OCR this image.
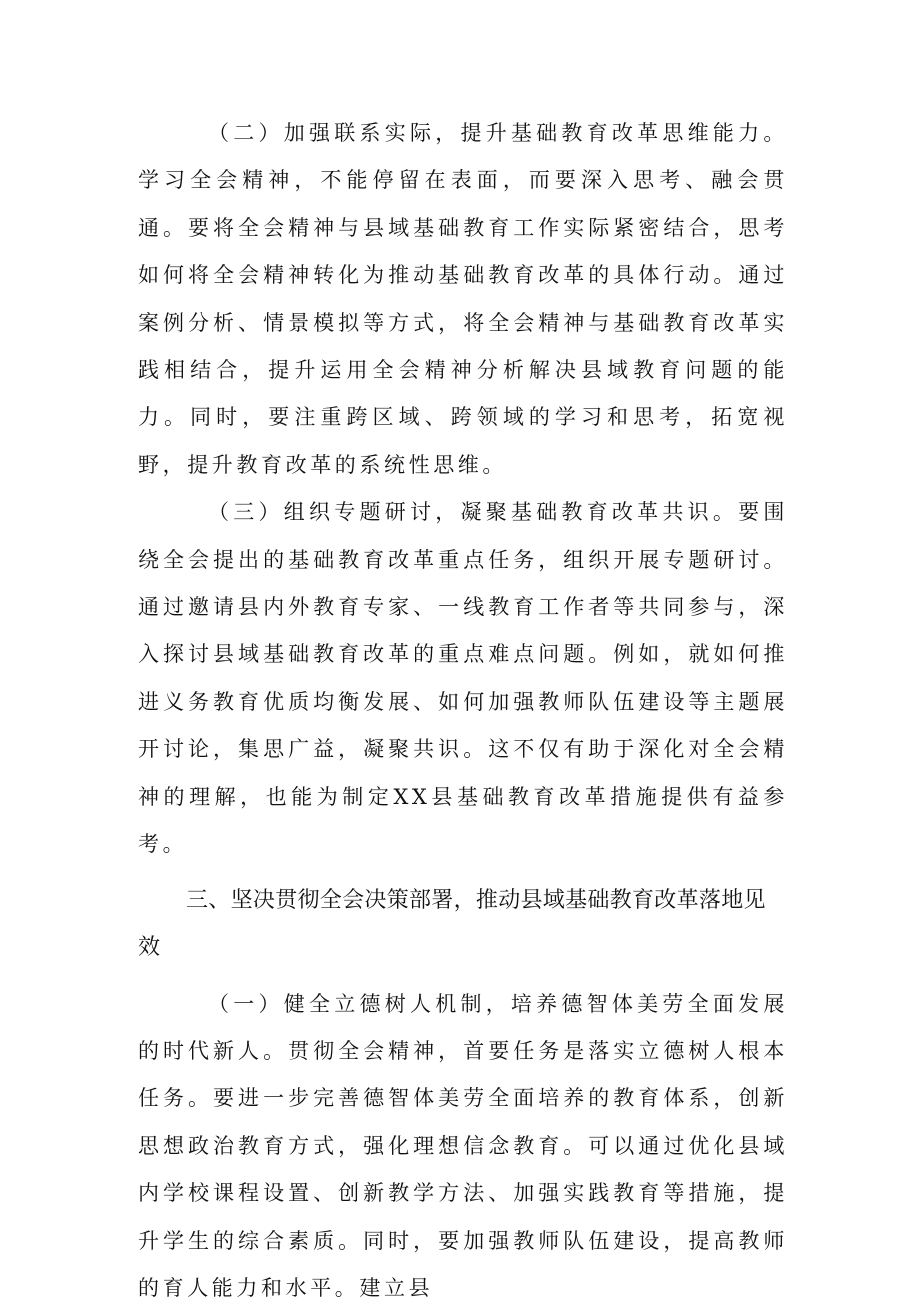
（二）加强联系实际，提升基础教育改革思维能力。学习全会精神，不能停留在表面，而要深入思考、融会贯通。要将全会精神与县域基础教育工作实际紧密结合，思考如何将全会精神转化为推动基础教育改革的具体行动。通过案例分析、情景模拟等方式，将全会精神与基础教育改革实践相结合，提升运用全会精神分析解决县域教育问题的能力。同时，要注重跨区域、跨领域的学习和思考，拓宽视野，提升教育改革的系统性思维。

（三）组织专题研讨，凝聚基础教育改革共识。要围绕全会提出的基础教育改革重点任务，组织开展专题研讨。通过邀请县内外教育专家、一线教育工作者等共同参与，深入探讨县域基础教育改革的重点难点问题。例如，就如何推进义务教育优质均衡发展、如何加强教师队伍建设等主题展开讨论，集思广益，凝聚共识。这不仅有助于深化对全会精神的理解，也能为制定XX县基础教育改革措施提供有益参考。

三、坚决贯彻全会决策部署，推动县域基础教育改革落地见效

（一）健全立德树人机制，培养德智体美劳全面发展的时代新人。贯彻全会精神，首要任务是落实立德树人根本任务。要进一步完善德智体美劳全面培养的教育体系，创新思想政治教育方式，强化理想信念教育。可以通过优化县域内学校课程设置、创新教学方法、加强实践教育等措施，提升学生的综合素质。同时，要加强教师队伍建设，提高教师的育人能力和水平。建立县
